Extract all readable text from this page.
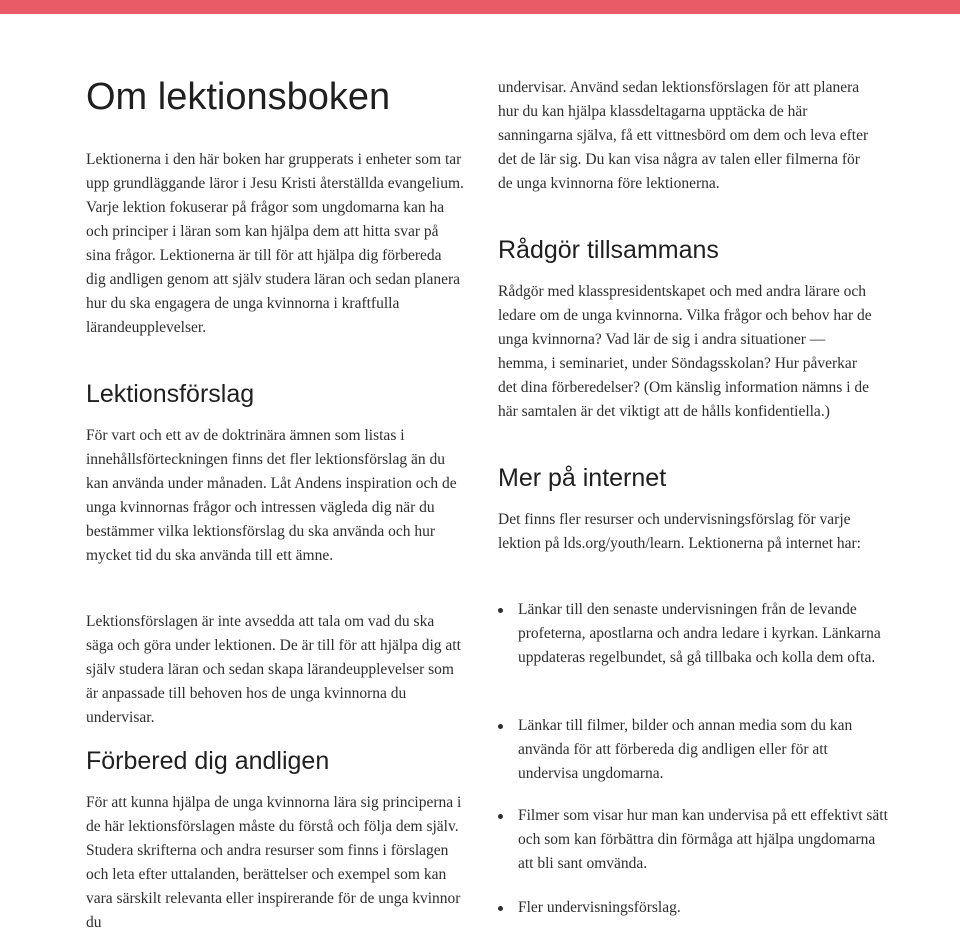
Om lektionsboken

Lektionerna i den här boken har grupperats i enheter som tar upp grundläggande läror i Jesu Kristi återställda evangelium. Varje lektion fokuserar på frågor som ungdomarna kan ha och principer i läran som kan hjälpa dem att hitta svar på sina frågor. Lektionerna är till för att hjälpa dig förbereda dig andligen genom att själv studera läran och sedan planera hur du ska engagera de unga kvinnorna i kraftfulla lärandeupplevelser.

Lektionsförslag

För vart och ett av de doktrinära ämnen som listas i innehållsförteckningen finns det fler lektionsförslag än du kan använda under månaden. Låt Andens inspiration och de unga kvinnornas frågor och intressen vägleda dig när du bestämmer vilka lektionsförslag du ska använda och hur mycket tid du ska använda till ett ämne.

Lektionsförslagen är inte avsedda att tala om vad du ska säga och göra under lektionen. De är till för att hjälpa dig att själv studera läran och sedan skapa lärandeupplevelser som är anpassade till behoven hos de unga kvinnorna du undervisar.

Förbered dig andligen

För att kunna hjälpa de unga kvinnorna lära sig principerna i de här lektionsförslagen måste du förstå och följa dem själv. Studera skrifterna och andra resurser som finns i förslagen och leta efter uttalanden, berättelser och exempel som kan vara särskilt relevanta eller inspirerande för de unga kvinnor du

undervisar. Använd sedan lektionsförslagen för att planera hur du kan hjälpa klassdeltagarna upptäcka de här sanningarna själva, få ett vittnesbörd om dem och leva efter det de lär sig. Du kan visa några av talen eller filmerna för de unga kvinnorna före lektionerna.

Rådgör tillsammans

Rådgör med klasspresidentskapet och med andra lärare och ledare om de unga kvinnorna. Vilka frågor och behov har de unga kvinnorna? Vad lär de sig i andra situationer — hemma, i seminariet, under Söndagsskolan? Hur påverkar det dina förberedelser? (Om känslig information nämns i de här samtalen är det viktigt att de hålls konfidentiella.)

Mer på internet

Det finns fler resurser och undervisningsförslag för varje lektion på lds.org/youth/learn. Lektionerna på internet har:

Länkar till den senaste undervisningen från de levande profeterna, apostlarna och andra ledare i kyrkan. Länkarna uppdateras regelbundet, så gå tillbaka och kolla dem ofta.
Länkar till filmer, bilder och annan media som du kan använda för att förbereda dig andligen eller för att undervisa ungdomarna.
Filmer som visar hur man kan undervisa på ett effektivt sätt och som kan förbättra din förmåga att hjälpa ungdomarna att bli sant omvända.
Fler undervisningsförslag.
